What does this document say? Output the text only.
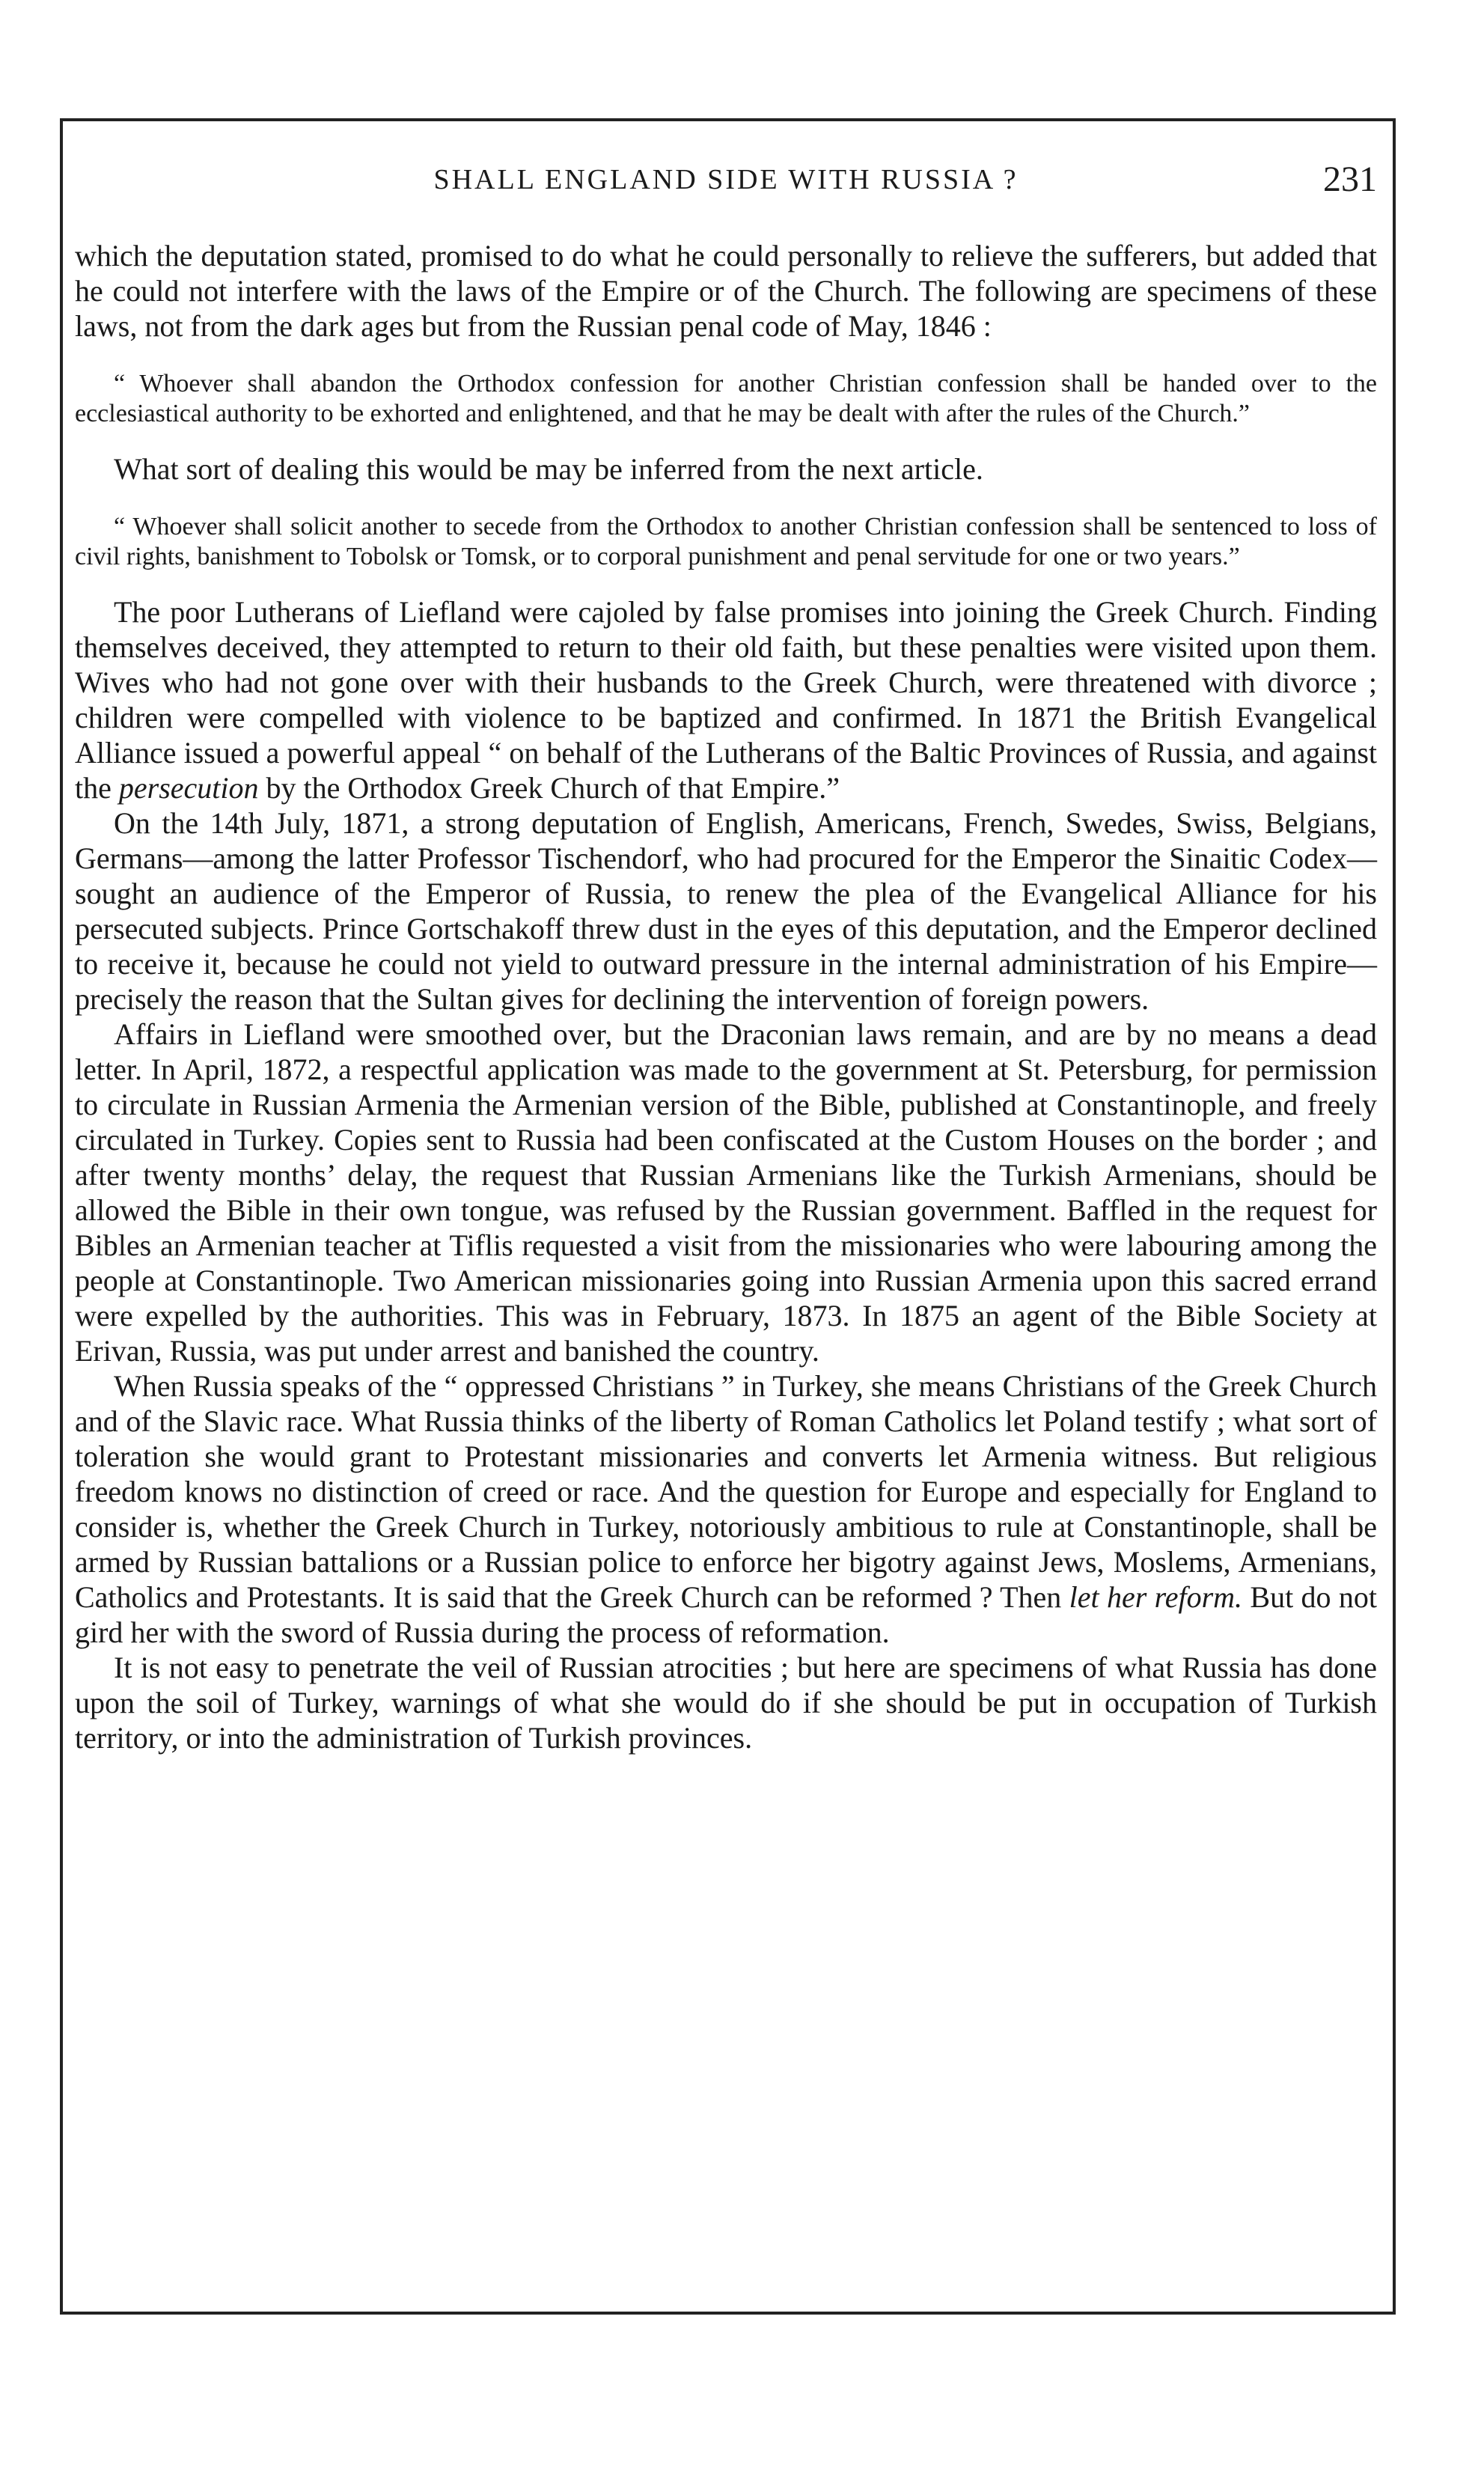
SHALL ENGLAND SIDE WITH RUSSIA ?	231

which the deputation stated, promised to do what he could personally to relieve the sufferers, but added that he could not interfere with the laws of the Empire or of the Church. The following are specimens of these laws, not from the dark ages but from the Russian penal code of May, 1846 :

“ Whoever shall abandon the Orthodox confession for another Christian confession shall be handed over to the ecclesiastical authority to be exhorted and enlightened, and that he may be dealt with after the rules of the Church.”

What sort of dealing this would be may be inferred from the next article.

“ Whoever shall solicit another to secede from the Orthodox to another Christian confession shall be sentenced to loss of civil rights, banishment to Tobolsk or Tomsk, or to corporal punishment and penal servitude for one or two years.”

The poor Lutherans of Liefland were cajoled by false promises into joining the Greek Church. Finding themselves deceived, they attempted to return to their old faith, but these penalties were visited upon them. Wives who had not gone over with their husbands to the Greek Church, were threatened with divorce ; children were compelled with violence to be baptized and confirmed. In 1871 the British Evangelical Alliance issued a powerful appeal “ on behalf of the Lutherans of the Baltic Provinces of Russia, and against the persecution by the Orthodox Greek Church of that Empire.”

On the 14th July, 1871, a strong deputation of English, Americans, French, Swedes, Swiss, Belgians, Germans—among the latter Professor Tischendorf, who had procured for the Emperor the Sinaitic Codex—sought an audience of the Emperor of Russia, to renew the plea of the Evangelical Alliance for his persecuted subjects. Prince Gortschakoff threw dust in the eyes of this deputation, and the Emperor declined to receive it, because he could not yield to outward pressure in the internal administration of his Empire—precisely the reason that the Sultan gives for declining the intervention of foreign powers.

Affairs in Liefland were smoothed over, but the Draconian laws remain, and are by no means a dead letter. In April, 1872, a respectful application was made to the government at St. Petersburg, for permission to circulate in Russian Armenia the Armenian version of the Bible, published at Constantinople, and freely circulated in Turkey. Copies sent to Russia had been confiscated at the Custom Houses on the border ; and after twenty months’ delay, the request that Russian Armenians like the Turkish Armenians, should be allowed the Bible in their own tongue, was refused by the Russian government. Baffled in the request for Bibles an Armenian teacher at Tiflis requested a visit from the missionaries who were labouring among the people at Constantinople. Two American missionaries going into Russian Armenia upon this sacred errand were expelled by the authorities. This was in February, 1873. In 1875 an agent of the Bible Society at Erivan, Russia, was put under arrest and banished the country.

When Russia speaks of the “ oppressed Christians ” in Turkey, she means Christians of the Greek Church and of the Slavic race. What Russia thinks of the liberty of Roman Catholics let Poland testify ; what sort of toleration she would grant to Protestant missionaries and converts let Armenia witness. But religious freedom knows no distinction of creed or race. And the question for Europe and especially for England to consider is, whether the Greek Church in Turkey, notoriously ambitious to rule at Constantinople, shall be armed by Russian battalions or a Russian police to enforce her bigotry against Jews, Moslems, Armenians, Catholics and Protestants. It is said that the Greek Church can be reformed ? Then let her reform. But do not gird her with the sword of Russia during the process of reformation.

It is not easy to penetrate the veil of Russian atrocities ; but here are specimens of what Russia has done upon the soil of Turkey, warnings of what she would do if she should be put in occupation of Turkish territory, or into the administration of Turkish provinces.
